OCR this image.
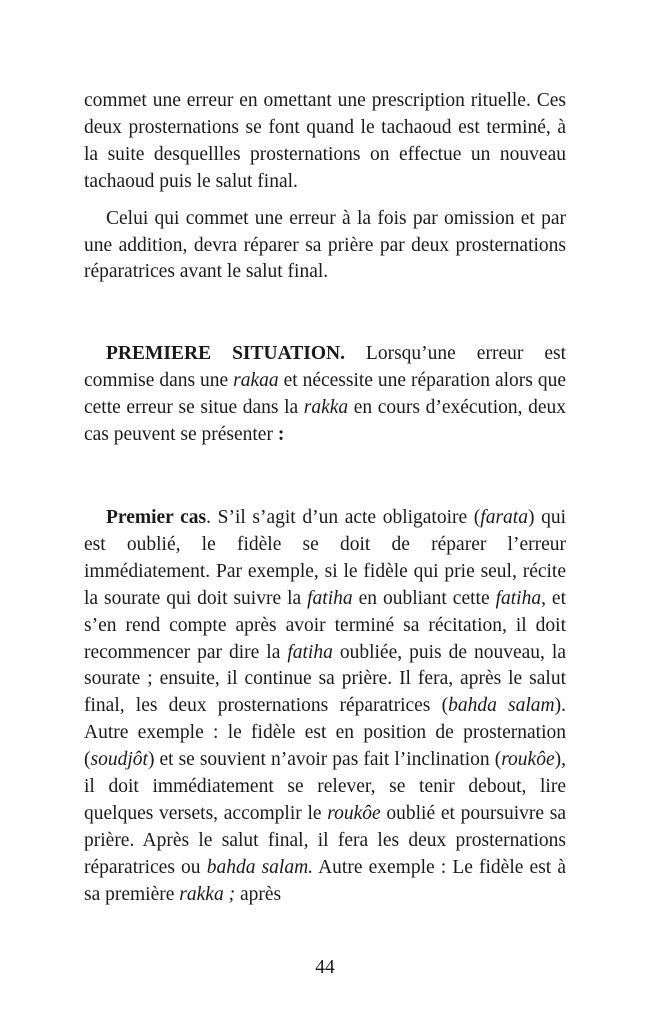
commet une erreur en omettant une prescription rituelle. Ces deux prosternations se font quand le tachaoud est terminé, à la suite desquellles prosternations on effectue un nouveau tachaoud puis le salut final.

Celui qui commet une erreur à la fois par omission et par une addition, devra réparer sa prière par deux prosternations réparatrices avant le salut final.

PREMIERE SITUATION. Lorsqu’une erreur est commise dans une rakaa et nécessite une réparation alors que cette erreur se situe dans la rakka en cours d’exécution, deux cas peuvent se présenter :

Premier cas. S’il s’agit d’un acte obligatoire (farata) qui est oublié, le fidèle se doit de réparer l’erreur immédiatement. Par exemple, si le fidèle qui prie seul, récite la sourate qui doit suivre la fatiha en oubliant cette fatiha, et s’en rend compte après avoir terminé sa récitation, il doit recommencer par dire la fatiha oubliée, puis de nouveau, la sourate ; ensuite, il continue sa prière. Il fera, après le salut final, les deux prosternations réparatrices (bahda salam). Autre exemple : le fidèle est en position de prosternation (soudjôt) et se souvient n’avoir pas fait l’inclination (roukôe), il doit immédiatement se relever, se tenir debout, lire quelques versets, accomplir le roukôe oublié et poursuivre sa prière. Après le salut final, il fera les deux prosternations réparatrices ou bahda salam. Autre exemple : Le fidèle est à sa première rakka ; après

44
